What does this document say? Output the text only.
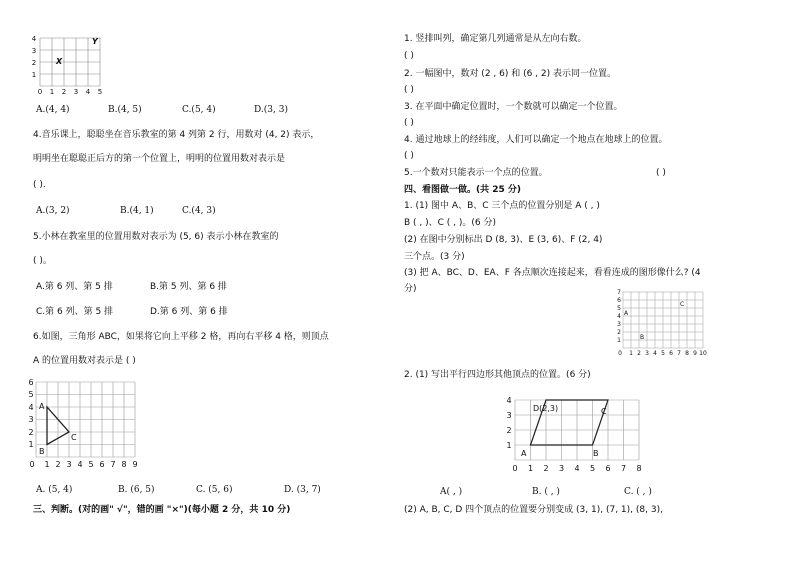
0 1 2 3 4 5
1
2
3
4
X
Y
A.(4, 4)	B.(4, 5)	C.(5, 4)	D.(3, 3)
4.音乐课上，聪聪坐在音乐教室的第 4 列第 2 行，用数对 (4, 2) 表示，
明明坐在聪聪正后方的第一个位置上，明明的位置用数对表示是
( ).
A.(3, 2)	B.(4, 1)	C.(4, 3)
5.小林在教室里的位置用数对表示为 (5, 6) 表示小林在教室的
( )。
A.第 6 列、第 5 排	B.第 5 列、第 6 排
C.第 6 列、第 5 排	D.第 6 列、第 6 排
6.如图，三角形 ABC，如果将它向上平移 2 格，再向右平移 4 格，则顶点
A 的位置用数对表示是 ( )
0 1 2 3 4 5 6 7 8 9
1
2
3
4
5
6
A
B
C
A. (5, 4)	B. (6, 5)	C. (5, 6)	D. (3, 7)
三、判断。(对的画" √"，错的画 "×")(每小题 2 分，共 10 分)
1. 竖排叫列，确定第几列通常是从左向右数。
( )
2. 一幅图中，数对 (2 , 6) 和 (6 , 2) 表示同一位置。
( )
3. 在平面中确定位置时，一个数就可以确定一个位置。
( )
4. 通过地球上的经纬度，人们可以确定一个地点在地球上的位置。
( )
5.一个数对只能表示一个点的位置。	( )
四、看图做一做。(共 25 分)
1. (1) 图中 A、B、C 三个点的位置分别是 A ( , )
B ( , )、C ( , )。(6 分)
(2) 在图中分别标出 D (8, 3)、E (3, 6)、F (2, 4)
三个点。(3 分)
(3) 把 A、BC、D、EA、F 各点顺次连接起来，看看连成的图形像什么? (4
分)
0 1 2 3 4 5 6 7 8 9 10
1
2
3
4
5
6
7
A
B
C
2. (1) 写出平行四边形其他顶点的位置。(6 分)
0 1 2 3 4 5 6 7 8
1
2
3
4
A	B
C
D(2,3)
A( , )	B. ( , )	C. ( , )
(2) A, B, C, D 四个顶点的位置要分别变成 (3, 1), (7, 1), (8, 3),
